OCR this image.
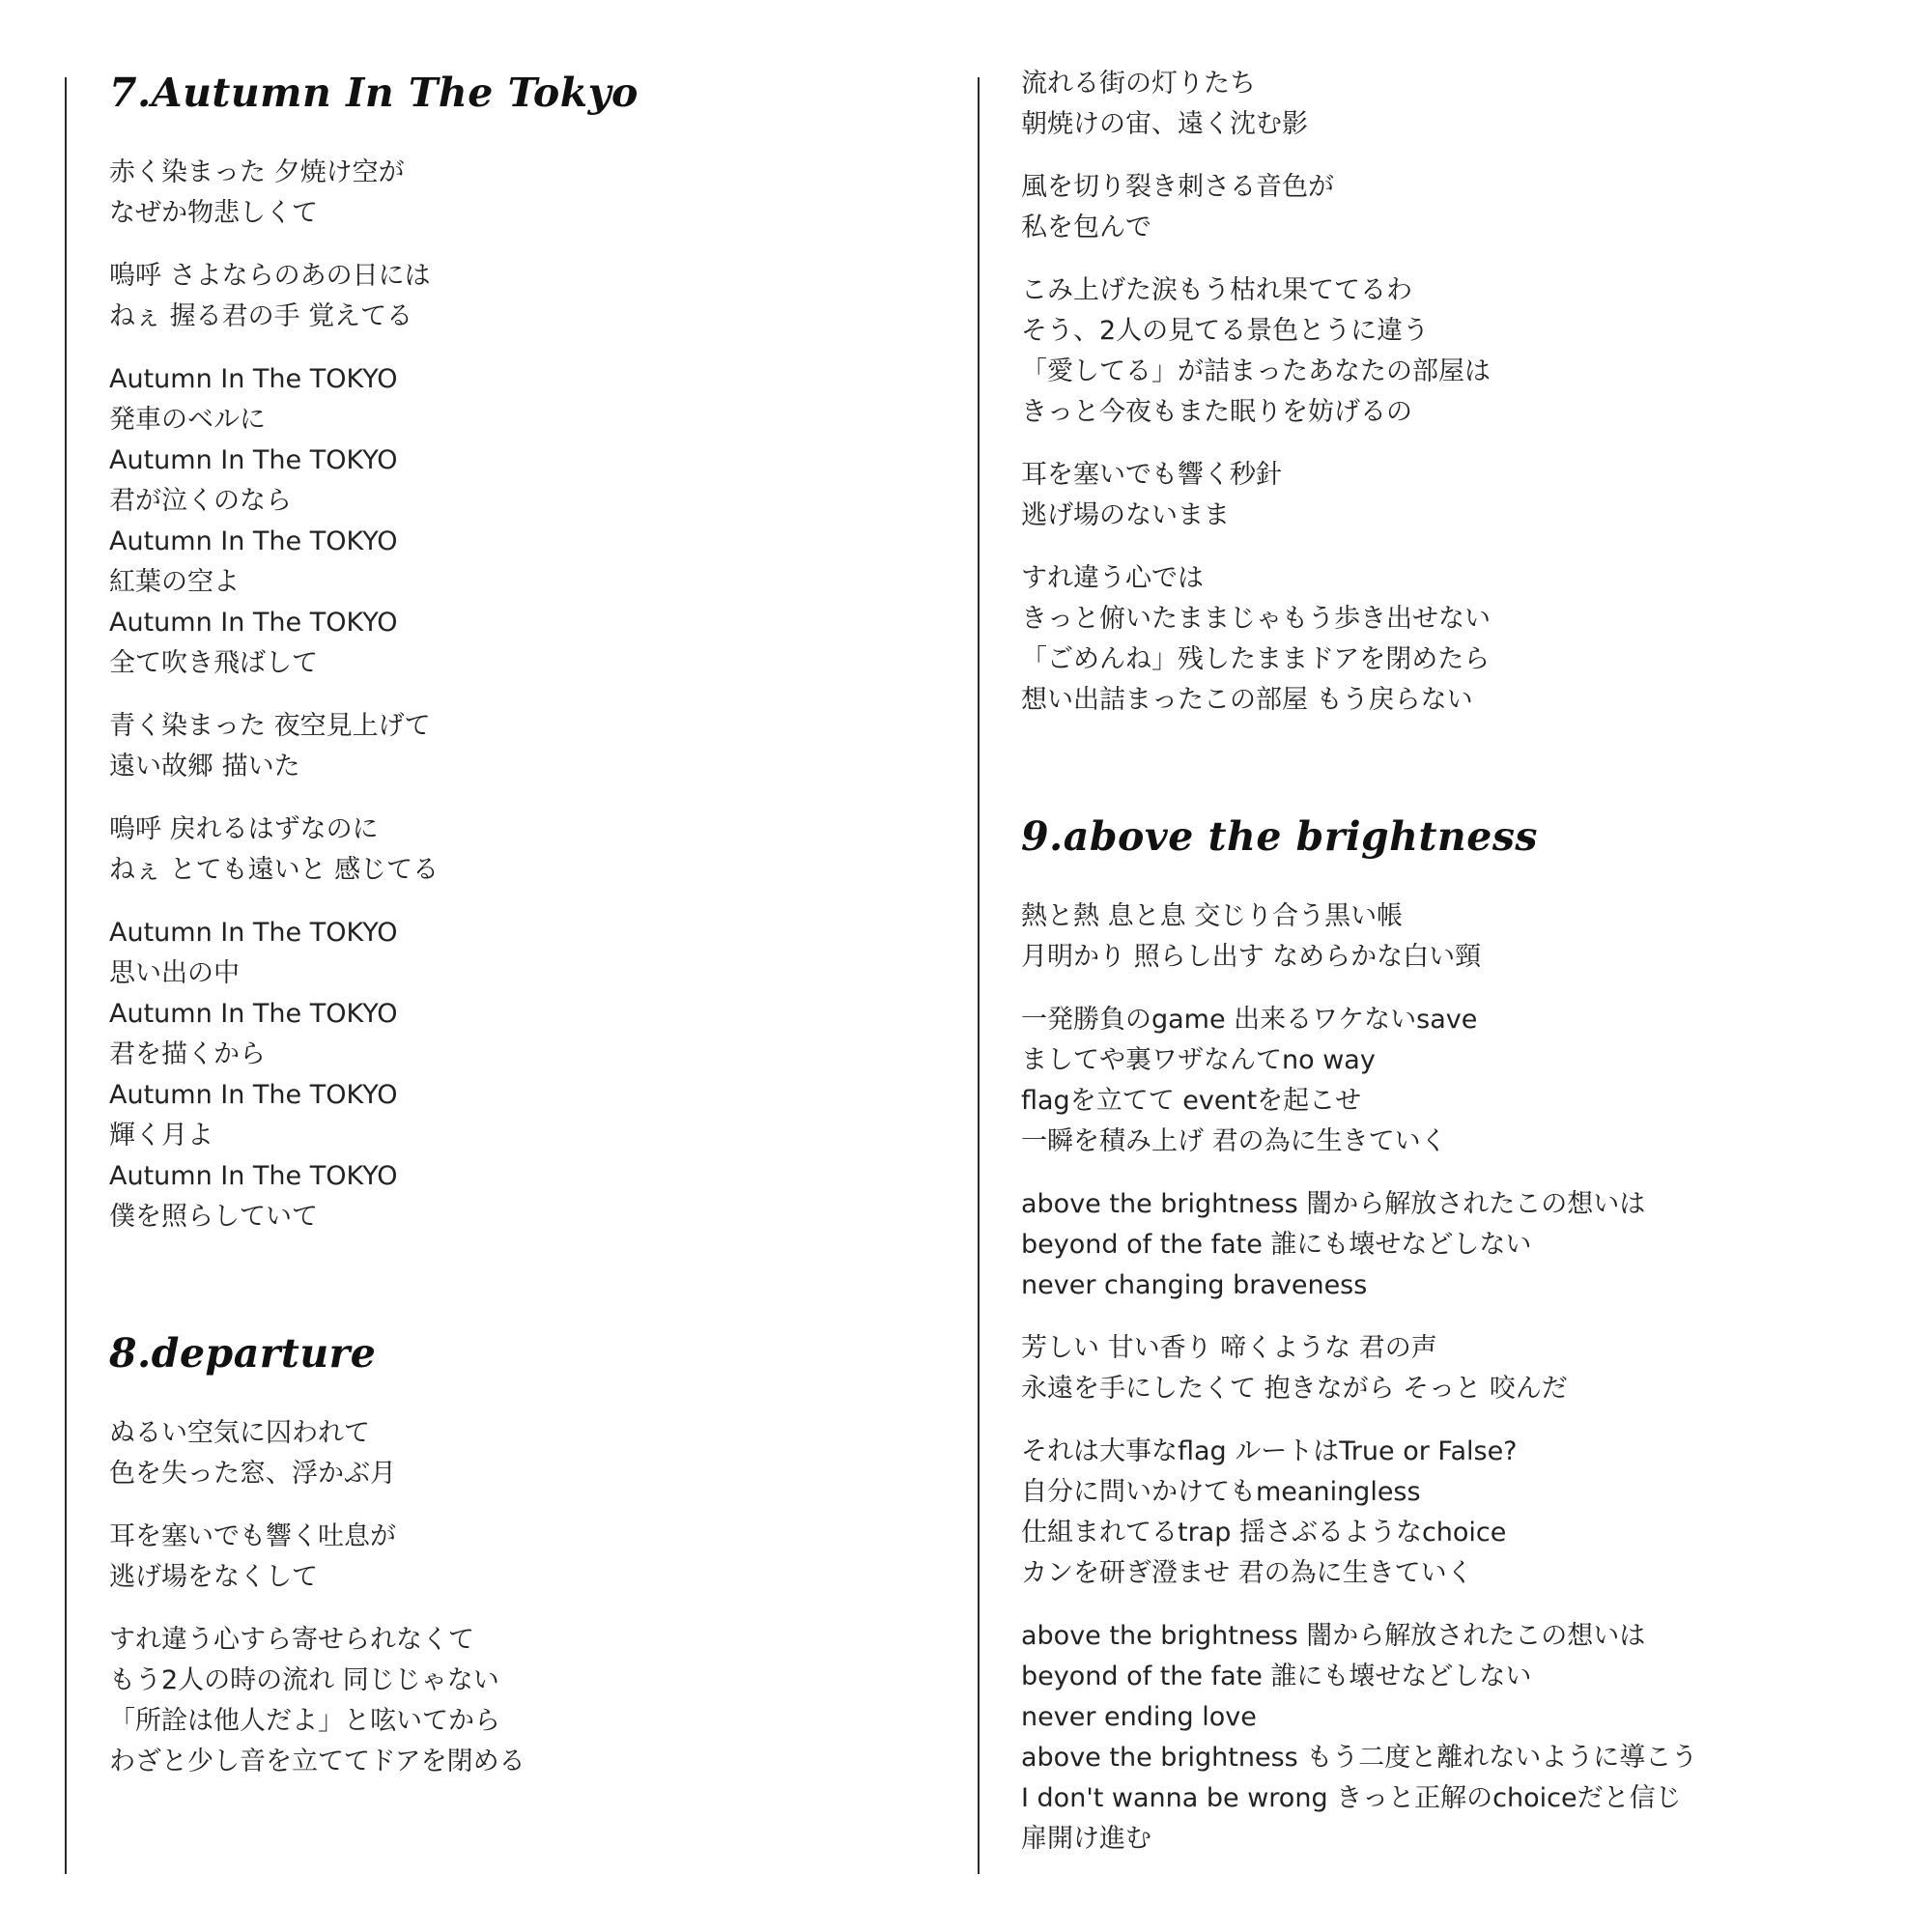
7.Autumn In The Tokyo
赤く染まった 夕焼け空が
なぜか物悲しくて
嗚呼 さよならのあの日には
ねぇ 握る君の手 覚えてる
Autumn In The TOKYO
発車のベルに
Autumn In The TOKYO
君が泣くのなら
Autumn In The TOKYO
紅葉の空よ
Autumn In The TOKYO
全て吹き飛ばして
青く染まった 夜空見上げて
遠い故郷 描いた
嗚呼 戻れるはずなのに
ねぇ とても遠いと 感じてる
Autumn In The TOKYO
思い出の中
Autumn In The TOKYO
君を描くから
Autumn In The TOKYO
輝く月よ
Autumn In The TOKYO
僕を照らしていて
8.departure
ぬるい空気に囚われて
色を失った窓、浮かぶ月
耳を塞いでも響く吐息が
逃げ場をなくして
すれ違う心すら寄せられなくて
もう2人の時の流れ 同じじゃない
「所詮は他人だよ」と呟いてから
わざと少し音を立ててドアを閉める
流れる街の灯りたち
朝焼けの宙、遠く沈む影
風を切り裂き刺さる音色が
私を包んで
こみ上げた涙もう枯れ果ててるわ
そう、2人の見てる景色とうに違う
「愛してる」が詰まったあなたの部屋は
きっと今夜もまた眠りを妨げるの
耳を塞いでも響く秒針
逃げ場のないまま
すれ違う心では
きっと俯いたままじゃもう歩き出せない
「ごめんね」残したままドアを閉めたら
想い出詰まったこの部屋 もう戻らない
9.above the brightness
熱と熱 息と息 交じり合う黒い帳
月明かり 照らし出す なめらかな白い頸
一発勝負のgame 出来るワケないsave
ましてや裏ワザなんてno way
flagを立てて eventを起こせ
一瞬を積み上げ 君の為に生きていく
above the brightness 闇から解放されたこの想いは
beyond of the fate 誰にも壊せなどしない
never changing braveness
芳しい 甘い香り 啼くような 君の声
永遠を手にしたくて 抱きながら そっと 咬んだ
それは大事なflag ルートはTrue or False?
自分に問いかけてもmeaningless
仕組まれてるtrap 揺さぶるようなchoice
カンを研ぎ澄ませ 君の為に生きていく
above the brightness 闇から解放されたこの想いは
beyond of the fate 誰にも壊せなどしない
never ending love
above the brightness もう二度と離れないように導こう
I don't wanna be wrong きっと正解のchoiceだと信じ
扉開け進む
